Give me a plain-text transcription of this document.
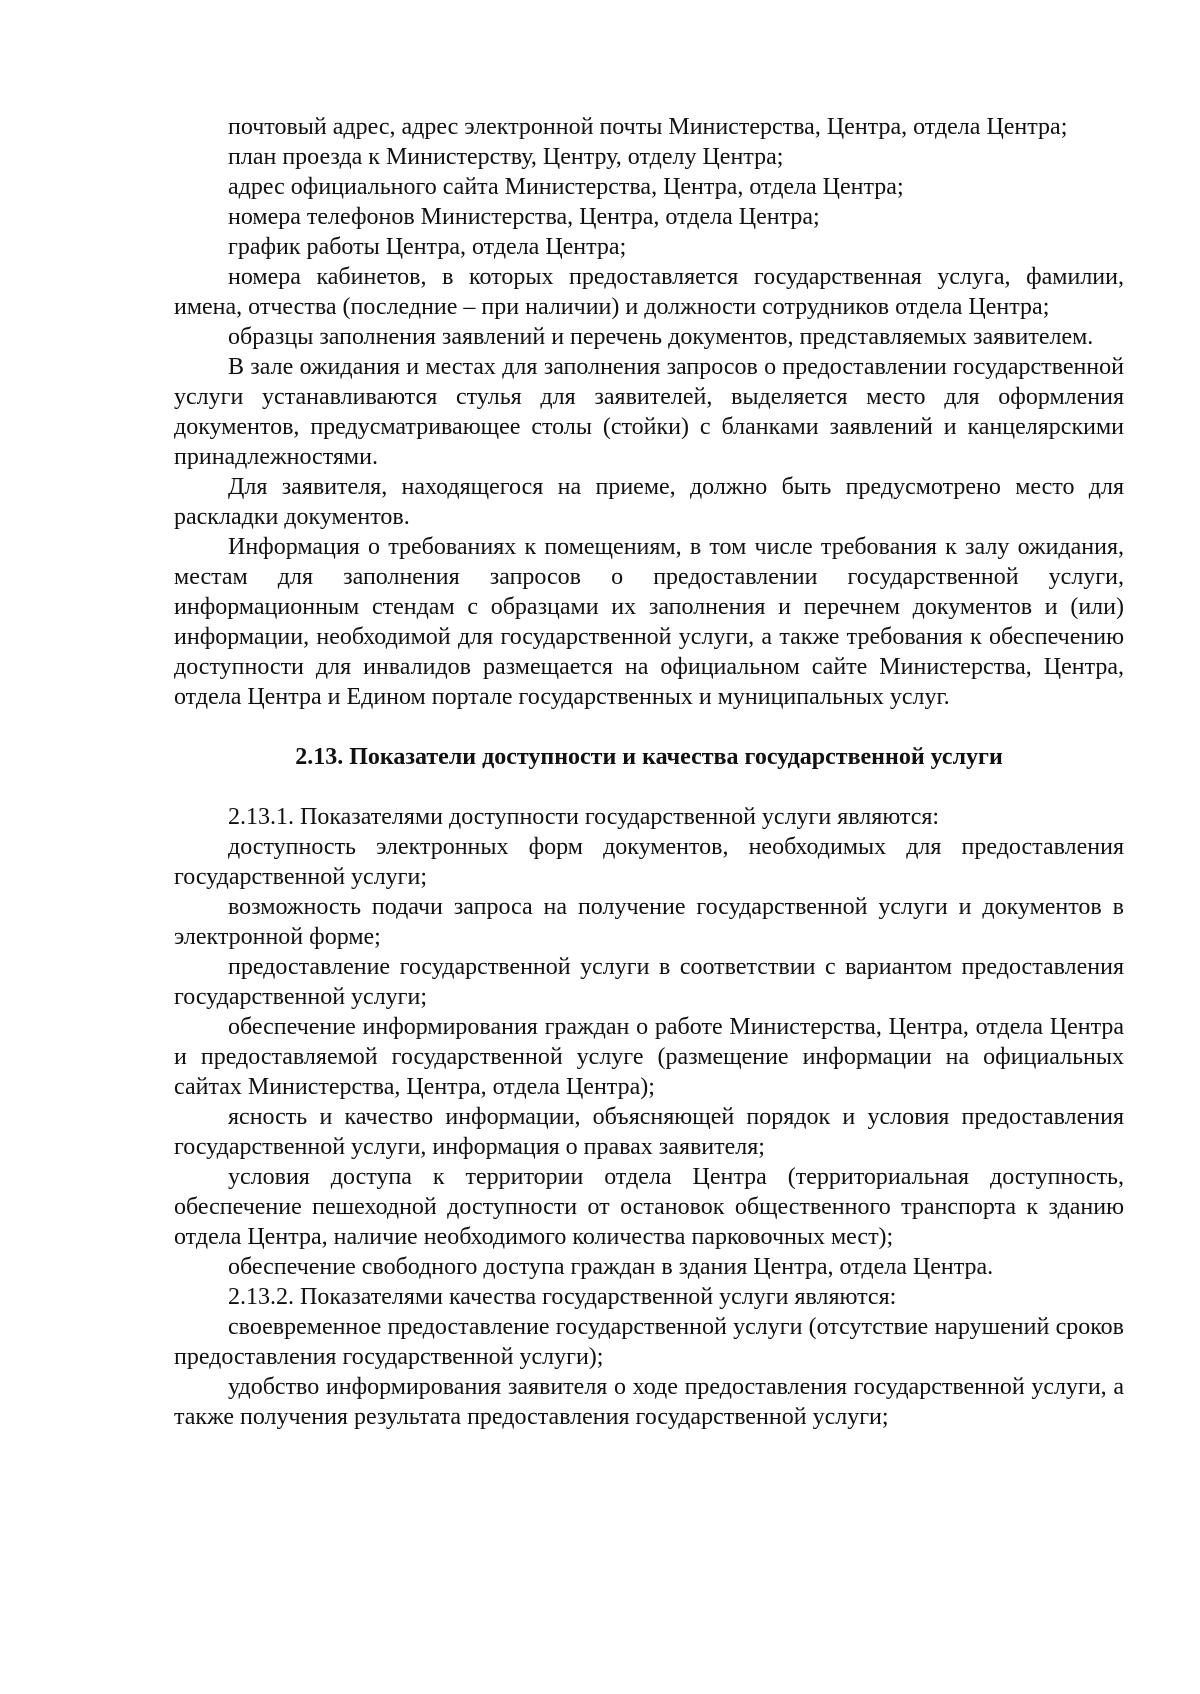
почтовый адрес, адрес электронной почты Министерства, Центра, отдела Центра;

план проезда к Министерству, Центру, отделу Центра;

адрес официального сайта Министерства, Центра, отдела Центра;

номера телефонов Министерства, Центра, отдела Центра;

график работы Центра, отдела Центра;

номера кабинетов, в которых предоставляется государственная услуга, фамилии, имена, отчества (последние – при наличии) и должности сотрудников отдела Центра;

образцы заполнения заявлений и перечень документов, представляемых заявителем.

В зале ожидания и местах для заполнения запросов о предоставлении государственной услуги устанавливаются стулья для заявителей, выделяется место для оформления документов, предусматривающее столы (стойки) с бланками заявлений и канцелярскими принадлежностями.

Для заявителя, находящегося на приеме, должно быть предусмотрено место для раскладки документов.

Информация о требованиях к помещениям, в том числе требования к залу ожидания, местам для заполнения запросов о предоставлении государственной услуги, информационным стендам с образцами их заполнения и перечнем документов и (или) информации, необходимой для государственной услуги, а также требования к обеспечению доступности для инвалидов размещается на официальном сайте Министерства, Центра, отдела Центра и Едином портале государственных и муниципальных услуг.

2.13. Показатели доступности и качества государственной услуги

2.13.1. Показателями доступности государственной услуги являются:

доступность электронных форм документов, необходимых для предоставления государственной услуги;

возможность подачи запроса на получение государственной услуги и документов в электронной форме;

предоставление государственной услуги в соответствии с вариантом предоставления государственной услуги;

обеспечение информирования граждан о работе Министерства, Центра, отдела Центра и предоставляемой государственной услуге (размещение информации на официальных сайтах Министерства, Центра, отдела Центра);

ясность и качество информации, объясняющей порядок и условия предоставления государственной услуги, информация о правах заявителя;

условия доступа к территории отдела Центра (территориальная доступность, обеспечение пешеходной доступности от остановок общественного транспорта к зданию отдела Центра, наличие необходимого количества парковочных мест);

обеспечение свободного доступа граждан в здания Центра, отдела Центра.

2.13.2. Показателями качества государственной услуги являются:

своевременное предоставление государственной услуги (отсутствие нарушений сроков предоставления государственной услуги);

удобство информирования заявителя о ходе предоставления государственной услуги, а также получения результата предоставления государственной услуги;
